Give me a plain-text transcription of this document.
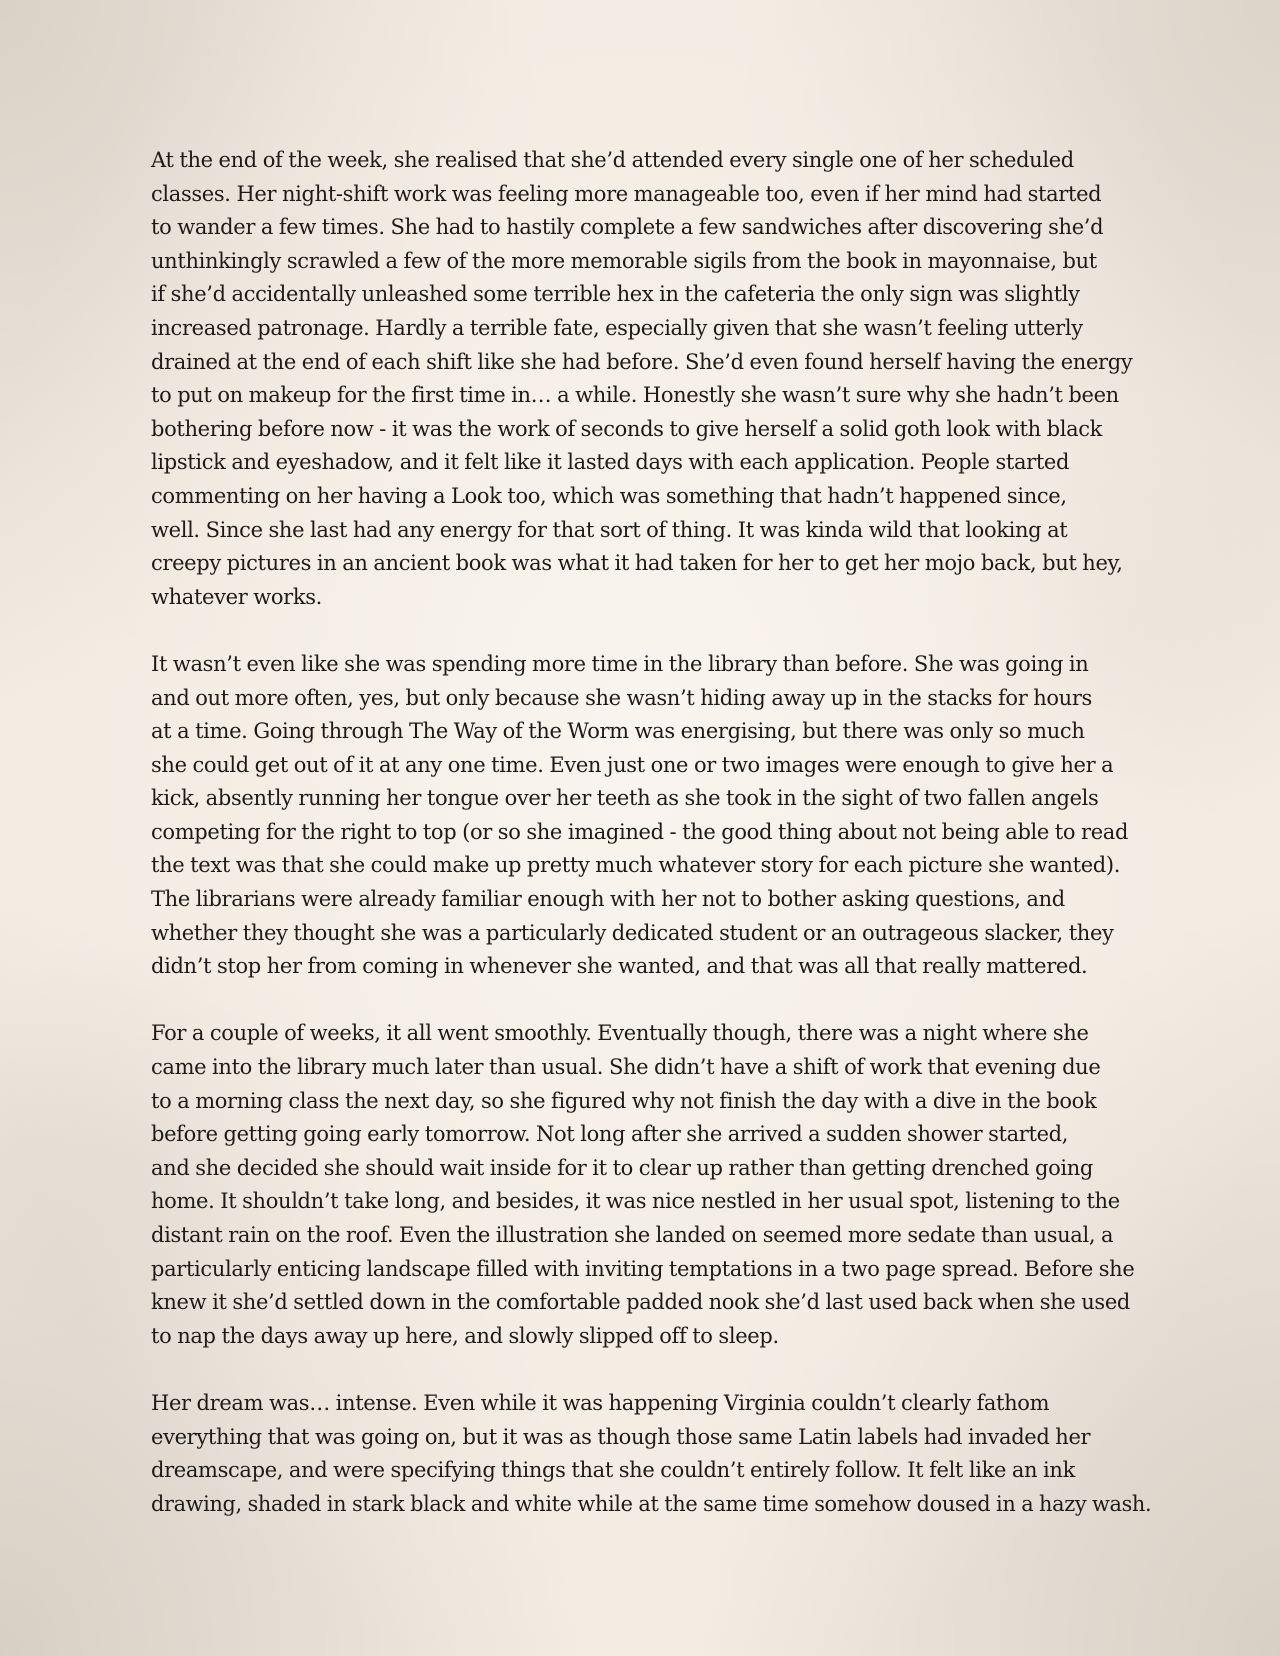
At the end of the week, she realised that she’d attended every single one of her scheduled
classes. Her night-shift work was feeling more manageable too, even if her mind had started
to wander a few times. She had to hastily complete a few sandwiches after discovering she’d
unthinkingly scrawled a few of the more memorable sigils from the book in mayonnaise, but
if she’d accidentally unleashed some terrible hex in the cafeteria the only sign was slightly
increased patronage. Hardly a terrible fate, especially given that she wasn’t feeling utterly
drained at the end of each shift like she had before. She’d even found herself having the energy
to put on makeup for the first time in… a while. Honestly she wasn’t sure why she hadn’t been
bothering before now - it was the work of seconds to give herself a solid goth look with black
lipstick and eyeshadow, and it felt like it lasted days with each application. People started
commenting on her having a Look too, which was something that hadn’t happened since,
well. Since she last had any energy for that sort of thing. It was kinda wild that looking at
creepy pictures in an ancient book was what it had taken for her to get her mojo back, but hey,
whatever works.

It wasn’t even like she was spending more time in the library than before. She was going in
and out more often, yes, but only because she wasn’t hiding away up in the stacks for hours
at a time. Going through The Way of the Worm was energising, but there was only so much
she could get out of it at any one time. Even just one or two images were enough to give her a
kick, absently running her tongue over her teeth as she took in the sight of two fallen angels
competing for the right to top (or so she imagined - the good thing about not being able to read
the text was that she could make up pretty much whatever story for each picture she wanted).
The librarians were already familiar enough with her not to bother asking questions, and
whether they thought she was a particularly dedicated student or an outrageous slacker, they
didn’t stop her from coming in whenever she wanted, and that was all that really mattered.

For a couple of weeks, it all went smoothly. Eventually though, there was a night where she
came into the library much later than usual. She didn’t have a shift of work that evening due
to a morning class the next day, so she figured why not finish the day with a dive in the book
before getting going early tomorrow. Not long after she arrived a sudden shower started,
and she decided she should wait inside for it to clear up rather than getting drenched going
home. It shouldn’t take long, and besides, it was nice nestled in her usual spot, listening to the
distant rain on the roof. Even the illustration she landed on seemed more sedate than usual, a
particularly enticing landscape filled with inviting temptations in a two page spread. Before she
knew it she’d settled down in the comfortable padded nook she’d last used back when she used
to nap the days away up here, and slowly slipped off to sleep.

Her dream was… intense. Even while it was happening Virginia couldn’t clearly fathom
everything that was going on, but it was as though those same Latin labels had invaded her
dreamscape, and were specifying things that she couldn’t entirely follow. It felt like an ink
drawing, shaded in stark black and white while at the same time somehow doused in a hazy wash.
